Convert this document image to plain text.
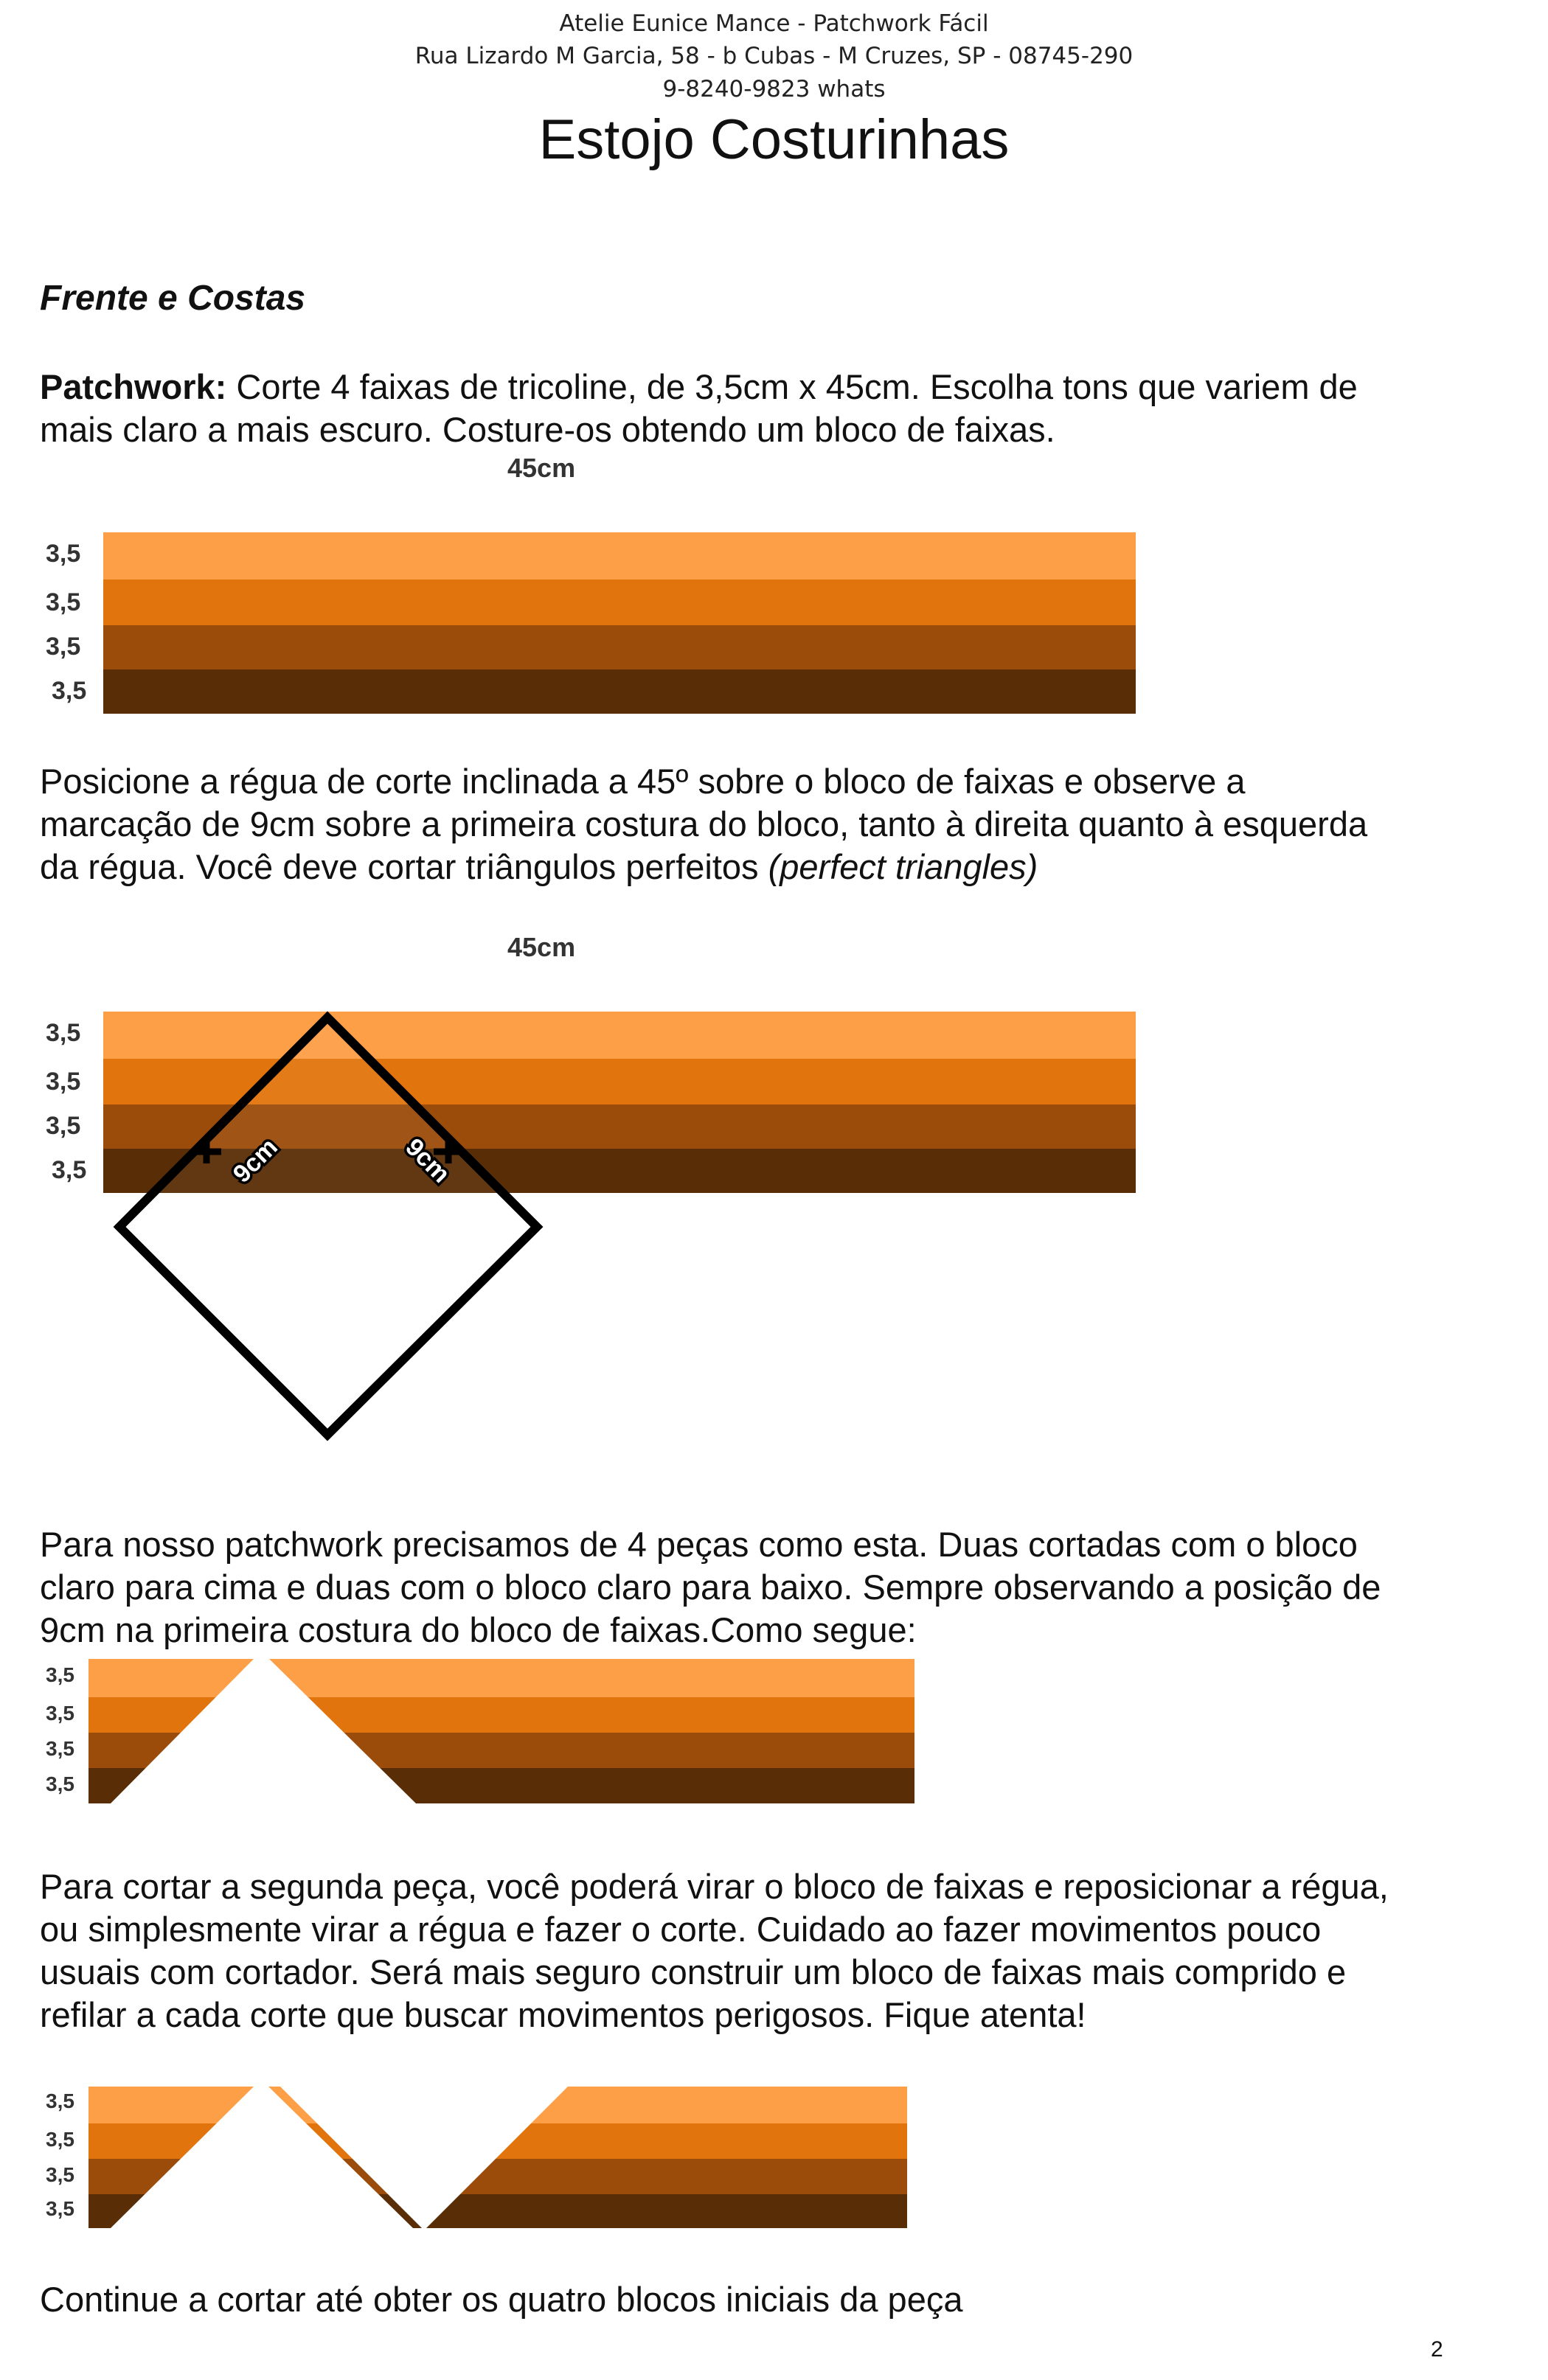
Atelie Eunice Mance - Patchwork Fácil
Rua Lizardo M Garcia, 58 - b Cubas - M Cruzes, SP - 08745-290
9-8240-9823 whats
Estojo Costurinhas
Frente e Costas
Patchwork: Corte 4 faixas de tricoline, de 3,5cm x 45cm. Escolha tons que variem de
mais claro a mais escuro. Costure-os obtendo um bloco de faixas.
45cm
3,5
3,5
3,5
3,5
Posicione a régua de corte inclinada a 45º sobre o bloco de faixas e observe a
marcação de 9cm sobre a primeira costura do bloco, tanto à direita quanto à esquerda
da régua. Você deve cortar triângulos perfeitos (perfect triangles)
45cm
3,5
3,5
3,5
3,5	9cm	9cm
Para nosso patchwork precisamos de 4 peças como esta. Duas cortadas com o bloco
claro para cima e duas com o bloco claro para baixo. Sempre observando a posição de
9cm na primeira costura do bloco de faixas.Como segue:
3,5
3,5
3,5
3,5
Para cortar a segunda peça, você poderá virar o bloco de faixas e reposicionar a régua,
ou simplesmente virar a régua e fazer o corte. Cuidado ao fazer movimentos pouco
usuais com cortador. Será mais seguro construir um bloco de faixas mais comprido e
refilar a cada corte que buscar movimentos perigosos. Fique atenta!
3,5
3,5
3,5
3,5
Continue a cortar até obter os quatro blocos iniciais da peça
2
